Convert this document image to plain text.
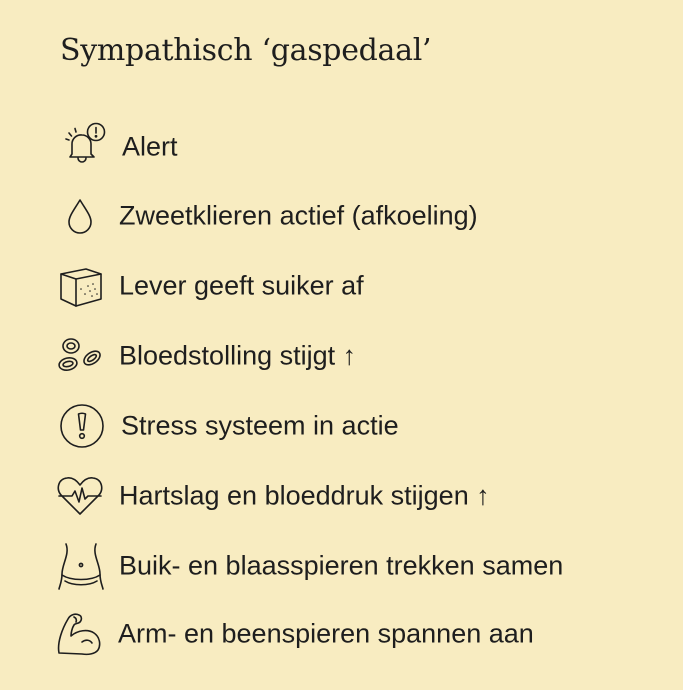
Sympathisch ‘gaspedaal’
Alert
Zweetklieren actief (afkoeling)
Lever geeft suiker af
Bloedstolling stijgt ↑
Stress systeem in actie
Hartslag en bloeddruk stijgen ↑
Buik- en blaasspieren trekken samen
Arm- en beenspieren spannen aan
